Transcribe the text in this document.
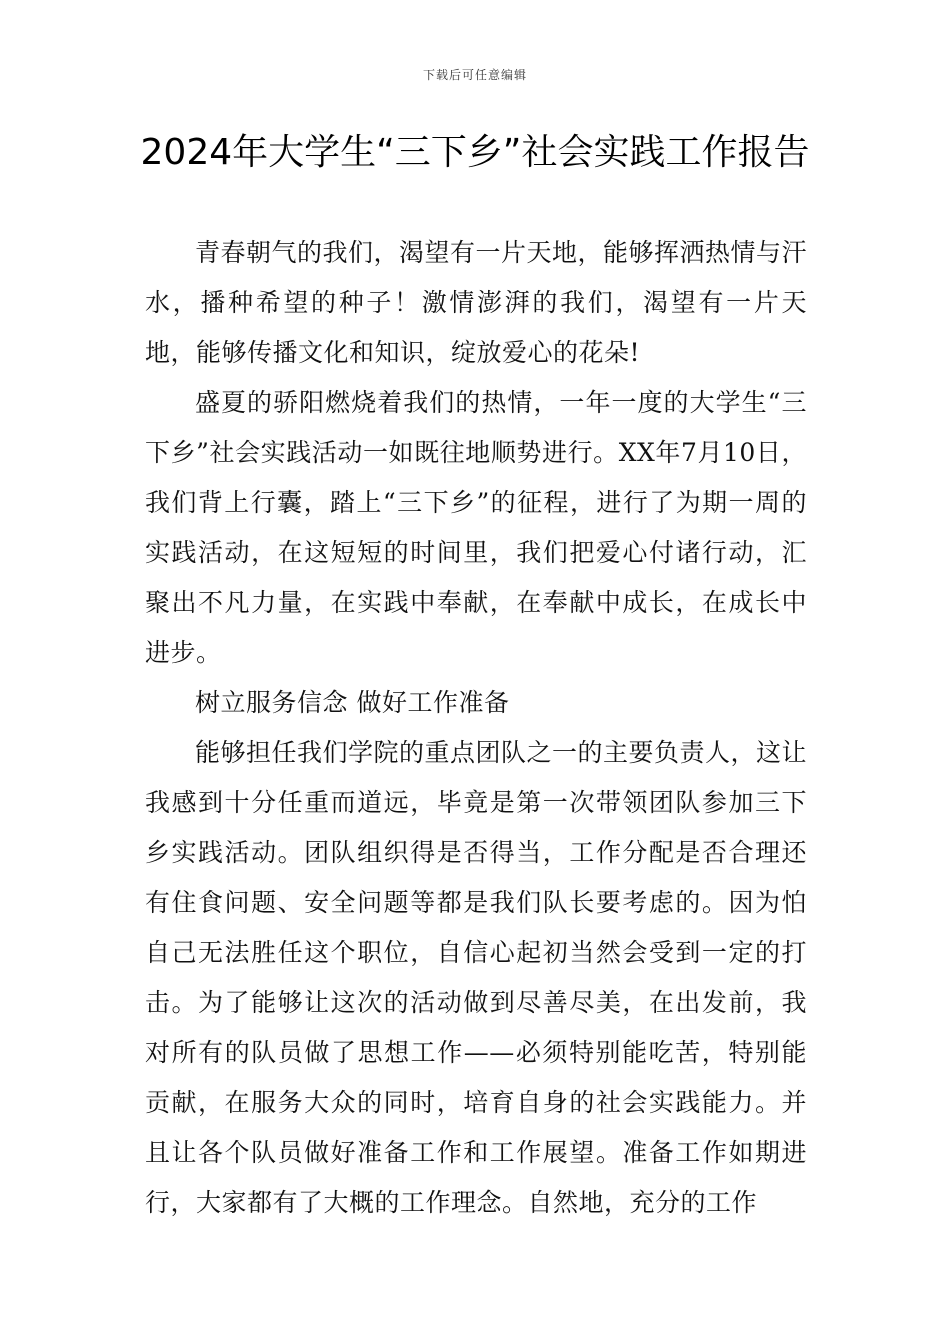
下载后可任意编辑
2024年大学生“三下乡”社会实践工作报告

青春朝气的我们，渴望有一片天地，能够挥洒热情与汗水，播种希望的种子！激情澎湃的我们，渴望有一片天地，能够传播文化和知识，绽放爱心的花朵!

盛夏的骄阳燃烧着我们的热情，一年一度的大学生“三下乡”社会实践活动一如既往地顺势进行。XX年7月10日，我们背上行囊，踏上“三下乡”的征程，进行了为期一周的实践活动，在这短短的时间里，我们把爱心付诸行动，汇聚出不凡力量，在实践中奉献，在奉献中成长，在成长中进步。

树立服务信念 做好工作准备

能够担任我们学院的重点团队之一的主要负责人，这让我感到十分任重而道远，毕竟是第一次带领团队参加三下乡实践活动。团队组织得是否得当，工作分配是否合理还有住食问题、安全问题等都是我们队长要考虑的。因为怕自己无法胜任这个职位，自信心起初当然会受到一定的打击。为了能够让这次的活动做到尽善尽美，在出发前，我对所有的队员做了思想工作——必须特别能吃苦，特别能贡献，在服务大众的同时，培育自身的社会实践能力。并且让各个队员做好准备工作和工作展望。准备工作如期进行，大家都有了大概的工作理念。自然地，充分的工作
